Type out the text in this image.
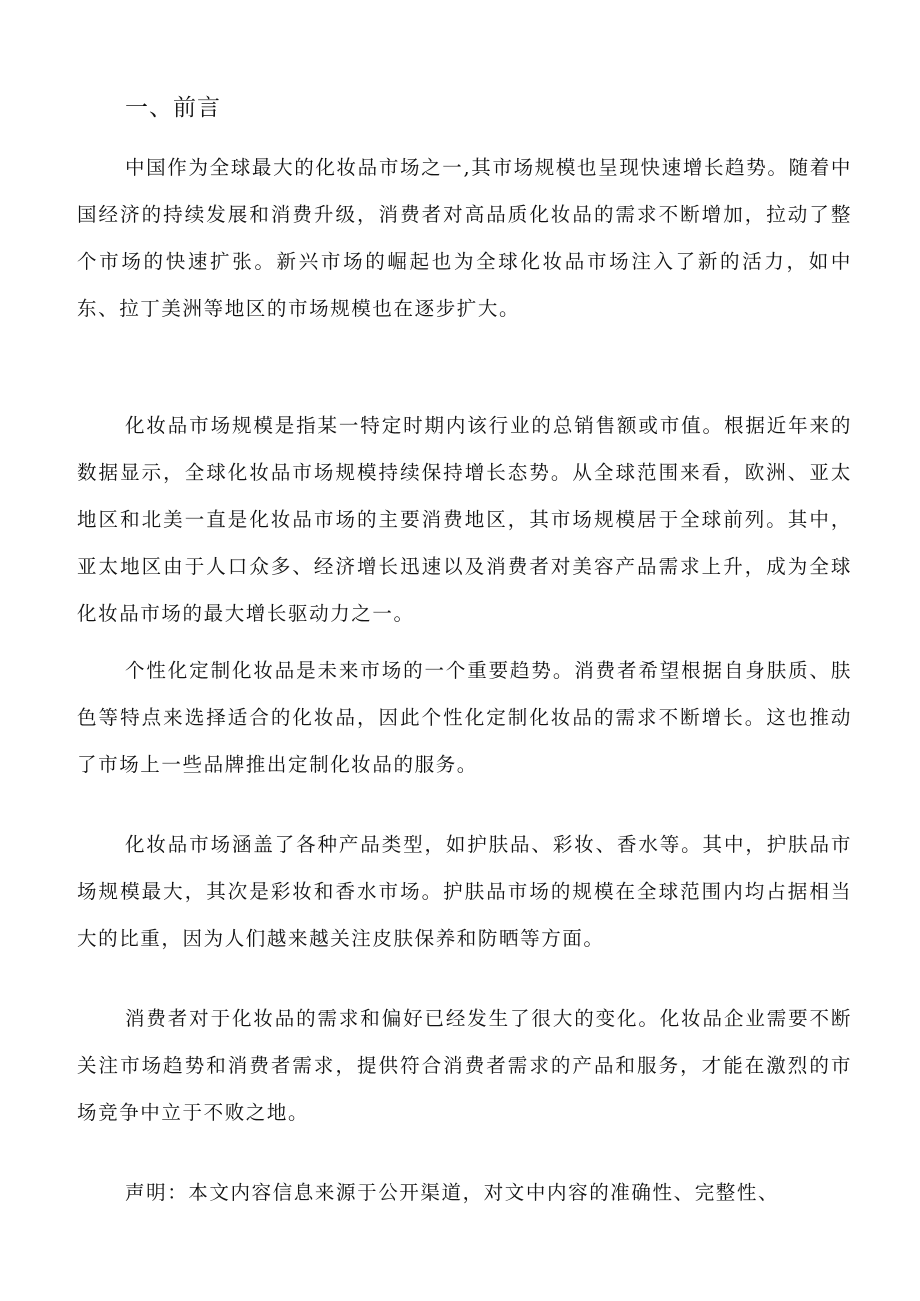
一、前言

中国作为全球最大的化妆品市场之一,其市场规模也呈现快速增长趋势。随着中国经济的持续发展和消费升级，消费者对高品质化妆品的需求不断增加，拉动了整个市场的快速扩张。新兴市场的崛起也为全球化妆品市场注入了新的活力，如中东、拉丁美洲等地区的市场规模也在逐步扩大。

化妆品市场规模是指某一特定时期内该行业的总销售额或市值。根据近年来的数据显示，全球化妆品市场规模持续保持增长态势。从全球范围来看，欧洲、亚太地区和北美一直是化妆品市场的主要消费地区，其市场规模居于全球前列。其中，亚太地区由于人口众多、经济增长迅速以及消费者对美容产品需求上升，成为全球化妆品市场的最大增长驱动力之一。

个性化定制化妆品是未来市场的一个重要趋势。消费者希望根据自身肤质、肤色等特点来选择适合的化妆品，因此个性化定制化妆品的需求不断增长。这也推动了市场上一些品牌推出定制化妆品的服务。

化妆品市场涵盖了各种产品类型，如护肤品、彩妆、香水等。其中，护肤品市场规模最大，其次是彩妆和香水市场。护肤品市场的规模在全球范围内均占据相当大的比重，因为人们越来越关注皮肤保养和防晒等方面。

消费者对于化妆品的需求和偏好已经发生了很大的变化。化妆品企业需要不断关注市场趋势和消费者需求，提供符合消费者需求的产品和服务，才能在激烈的市场竞争中立于不败之地。

声明：本文内容信息来源于公开渠道，对文中内容的准确性、完整性、
